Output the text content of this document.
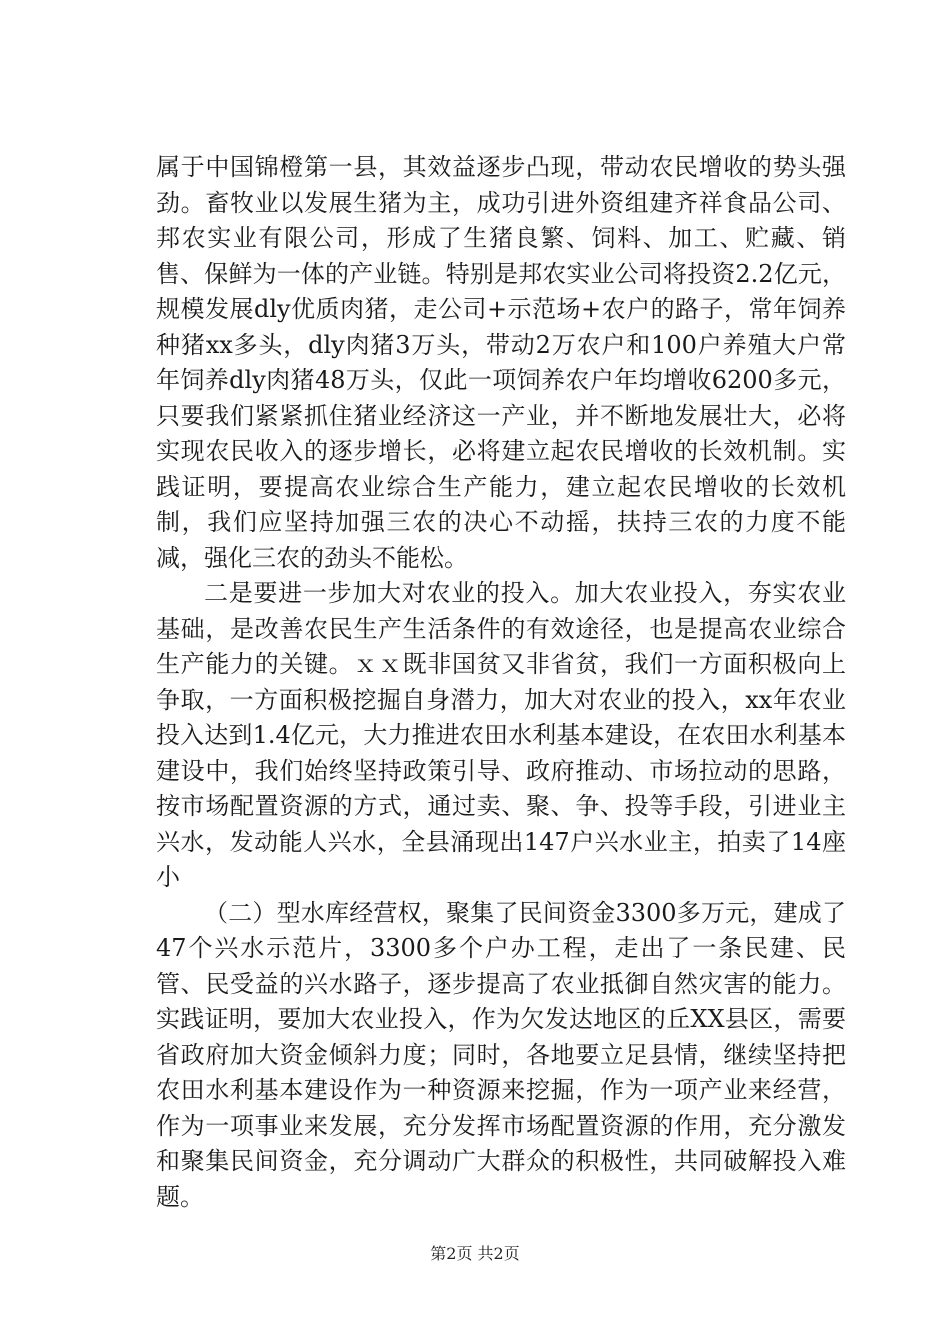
属于中国锦橙第一县，其效益逐步凸现，带动农民增收的势头强劲。畜牧业以发展生猪为主，成功引进外资组建齐祥食品公司、邦农实业有限公司，形成了生猪良繁、饲料、加工、贮藏、销售、保鲜为一体的产业链。特别是邦农实业公司将投资2.2亿元，规模发展dly优质肉猪，走公司+示范场+农户的路子，常年饲养种猪xx多头，dly肉猪3万头，带动2万农户和100户养殖大户常年饲养dly肉猪48万头，仅此一项饲养农户年均增收6200多元，只要我们紧紧抓住猪业经济这一产业，并不断地发展壮大，必将实现农民收入的逐步增长，必将建立起农民增收的长效机制。实践证明，要提高农业综合生产能力，建立起农民增收的长效机制，我们应坚持加强三农的决心不动摇，扶持三农的力度不能减，强化三农的劲头不能松。

二是要进一步加大对农业的投入。加大农业投入，夯实农业基础，是改善农民生产生活条件的有效途径，也是提高农业综合生产能力的关键。ｘｘ既非国贫又非省贫，我们一方面积极向上争取，一方面积极挖掘自身潜力，加大对农业的投入，xx年农业投入达到1.4亿元，大力推进农田水利基本建设，在农田水利基本建设中，我们始终坚持政策引导、政府推动、市场拉动的思路，按市场配置资源的方式，通过卖、聚、争、投等手段，引进业主兴水，发动能人兴水，全县涌现出147户兴水业主，拍卖了14座小

（二）型水库经营权，聚集了民间资金3300多万元，建成了47个兴水示范片，3300多个户办工程，走出了一条民建、民管、民受益的兴水路子，逐步提高了农业抵御自然灾害的能力。实践证明，要加大农业投入，作为欠发达地区的丘XX县区，需要省政府加大资金倾斜力度；同时，各地要立足县情，继续坚持把农田水利基本建设作为一种资源来挖掘，作为一项产业来经营，作为一项事业来发展，充分发挥市场配置资源的作用，充分激发和聚集民间资金，充分调动广大群众的积极性，共同破解投入难题。

第2页 共2页
